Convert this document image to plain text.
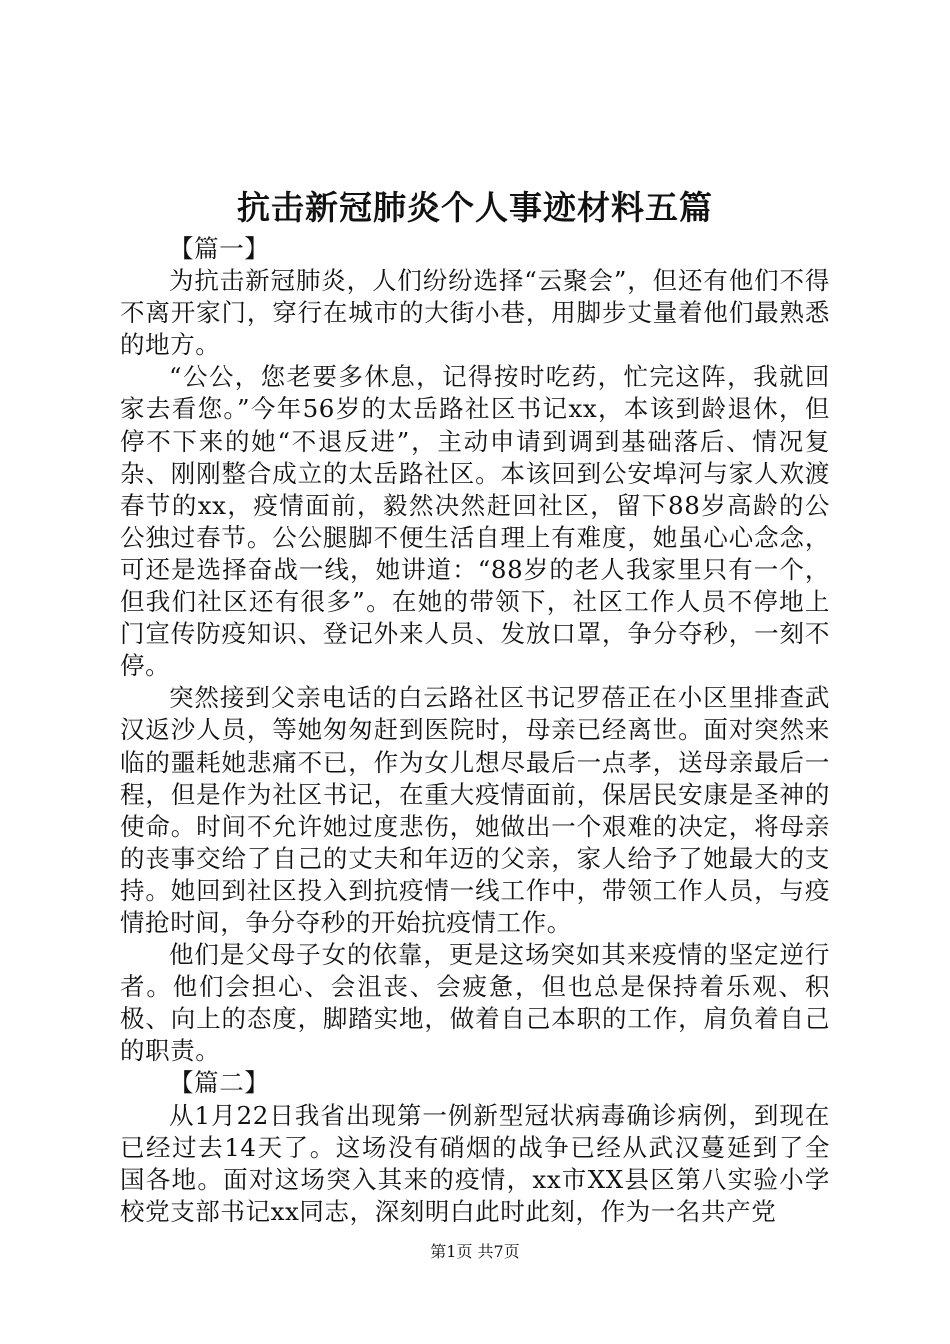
抗击新冠肺炎个人事迹材料五篇

【篇一】

为抗击新冠肺炎，人们纷纷选择“云聚会”，但还有他们不得不离开家门，穿行在城市的大街小巷，用脚步丈量着他们最熟悉的地方。

“公公，您老要多休息，记得按时吃药，忙完这阵，我就回家去看您。”今年56岁的太岳路社区书记xx，本该到龄退休，但停不下来的她“不退反进”，主动申请到调到基础落后、情况复杂、刚刚整合成立的太岳路社区。本该回到公安埠河与家人欢渡春节的xx，疫情面前，毅然决然赶回社区，留下88岁高龄的公公独过春节。公公腿脚不便生活自理上有难度，她虽心心念念，可还是选择奋战一线，她讲道：“88岁的老人我家里只有一个，但我们社区还有很多”。在她的带领下，社区工作人员不停地上门宣传防疫知识、登记外来人员、发放口罩，争分夺秒，一刻不停。

突然接到父亲电话的白云路社区书记罗蓓正在小区里排查武汉返沙人员，等她匆匆赶到医院时，母亲已经离世。面对突然来临的噩耗她悲痛不已，作为女儿想尽最后一点孝，送母亲最后一程，但是作为社区书记，在重大疫情面前，保居民安康是圣神的使命。时间不允许她过度悲伤，她做出一个艰难的决定，将母亲的丧事交给了自己的丈夫和年迈的父亲，家人给予了她最大的支持。她回到社区投入到抗疫情一线工作中，带领工作人员，与疫情抢时间，争分夺秒的开始抗疫情工作。

他们是父母子女的依靠，更是这场突如其来疫情的坚定逆行者。他们会担心、会沮丧、会疲惫，但也总是保持着乐观、积极、向上的态度，脚踏实地，做着自己本职的工作，肩负着自己的职责。

【篇二】

从1月22日我省出现第一例新型冠状病毒确诊病例，到现在已经过去14天了。这场没有硝烟的战争已经从武汉蔓延到了全国各地。面对这场突入其来的疫情，xx市XX县区第八实验小学校党支部书记xx同志，深刻明白此时此刻，作为一名共产党

第1页 共7页
